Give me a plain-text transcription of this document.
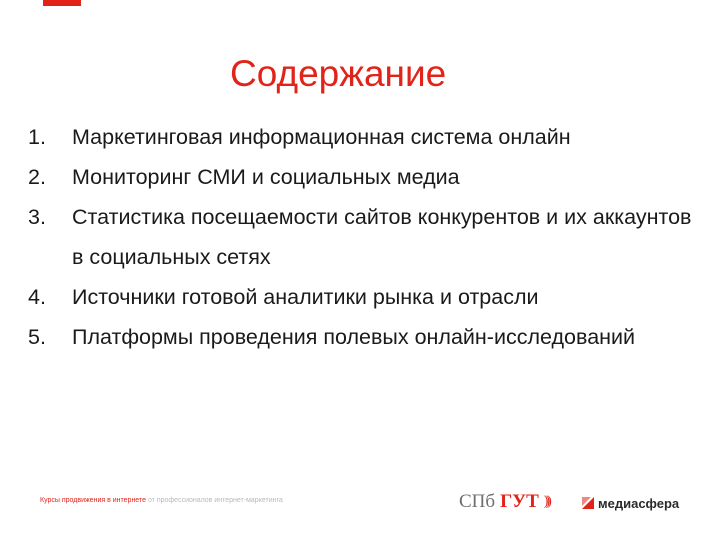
Содержание
1.	Маркетинговая информационная система онлайн
2.	Мониторинг СМИ и социальных медиа
3.	Статистика посещаемости сайтов конкурентов и их аккаунтов в социальных сетях
4.	Источники готовой аналитики рынка и отрасли
5.	Платформы проведения полевых онлайн-исследований
Курсы продвижения в интернете от профессионалов интернет-маркетинга	СПб ГУТ )))	медиасфера
